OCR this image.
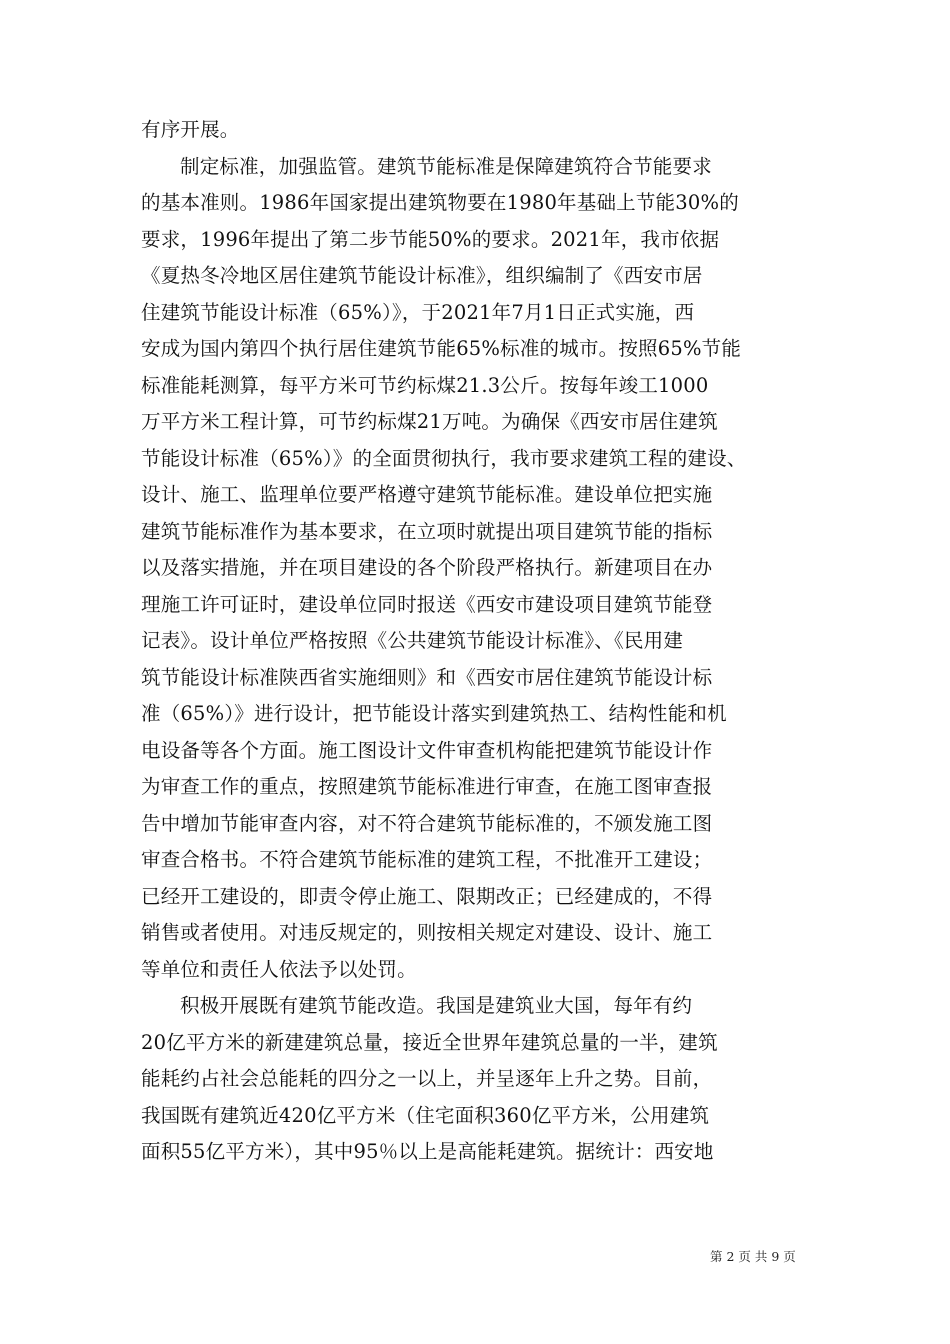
有序开展。
制定标准，加强监管。建筑节能标准是保障建筑符合节能要求
的基本准则。1986年国家提出建筑物要在1980年基础上节能30%的
要求，1996年提出了第二步节能50%的要求。2021年，我市依据
《夏热冬冷地区居住建筑节能设计标准》，组织编制了《西安市居
住建筑节能设计标准（65%）》，于2021年7月1日正式实施，西
安成为国内第四个执行居住建筑节能65%标准的城市。按照65%节能
标准能耗测算，每平方米可节约标煤21.3公斤。按每年竣工1000
万平方米工程计算，可节约标煤21万吨。为确保《西安市居住建筑
节能设计标准（65%）》的全面贯彻执行，我市要求建筑工程的建设、
设计、施工、监理单位要严格遵守建筑节能标准。建设单位把实施
建筑节能标准作为基本要求，在立项时就提出项目建筑节能的指标
以及落实措施，并在项目建设的各个阶段严格执行。新建项目在办
理施工许可证时，建设单位同时报送《西安市建设项目建筑节能登
记表》。设计单位严格按照《公共建筑节能设计标准》、《民用建
筑节能设计标准陕西省实施细则》和《西安市居住建筑节能设计标
准（65%）》进行设计，把节能设计落实到建筑热工、结构性能和机
电设备等各个方面。施工图设计文件审查机构能把建筑节能设计作
为审查工作的重点，按照建筑节能标准进行审查，在施工图审查报
告中增加节能审查内容，对不符合建筑节能标准的，不颁发施工图
审查合格书。不符合建筑节能标准的建筑工程，不批准开工建设；
已经开工建设的，即责令停止施工、限期改正；已经建成的，不得
销售或者使用。对违反规定的，则按相关规定对建设、设计、施工
等单位和责任人依法予以处罚。
积极开展既有建筑节能改造。我国是建筑业大国，每年有约
20亿平方米的新建建筑总量，接近全世界年建筑总量的一半，建筑
能耗约占社会总能耗的四分之一以上，并呈逐年上升之势。目前，
我国既有建筑近420亿平方米（住宅面积360亿平方米，公用建筑
面积55亿平方米），其中95％以上是高能耗建筑。据统计：西安地
第 2 页 共 9 页
